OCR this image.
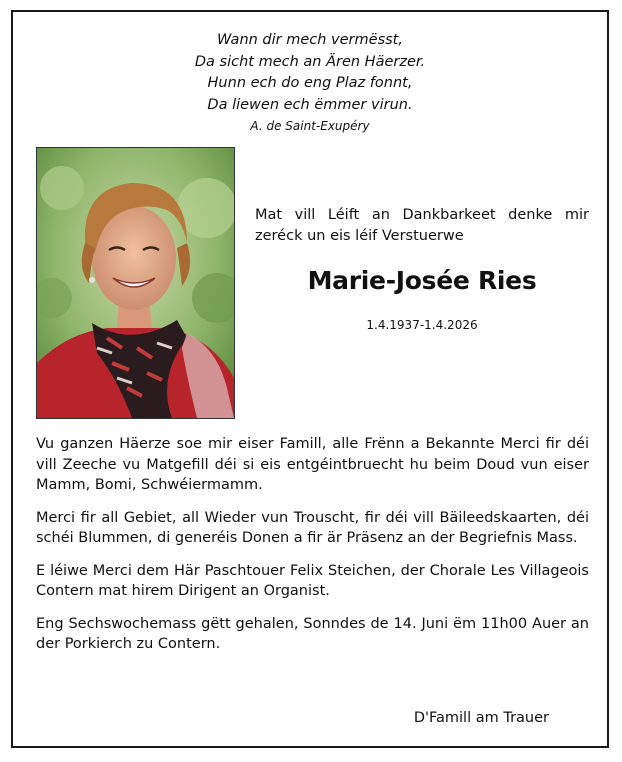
Wann dir mech vermësst,
Da sicht mech an Ären Häerzer.
Hunn ech do eng Plaz fonnt,
Da liewen ech ëmmer virun.
A. de Saint-Exupéry
Mat vill Léift an Dankbarkeet denke mir zeréck un eis léif Verstuerwe
Marie-Josée Ries
1.4.1937-1.4.2026

Vu ganzen Häerze soe mir eiser Famill, alle Frënn a Bekannte Merci fir déi vill Zeeche vu Matgefill déi si eis entgéintbruecht hu beim Doud vun eiser Mamm, Bomi, Schwéiermamm.

Merci fir all Gebiet, all Wieder vun Trouscht, fir déi vill Bäileedskaarten, déi schéi Blummen, di generéis Donen a fir är Präsenz an der Begriefnis Mass.

E léiwe Merci dem Här Paschtouer Felix Steichen, der Chorale Les Villageois Contern mat hirem Dirigent an Organist.

Eng Sechswochemass gëtt gehalen, Sonndes de 14. Juni ëm 11h00 Auer an der Porkierch zu Contern.

D'Famill am Trauer
